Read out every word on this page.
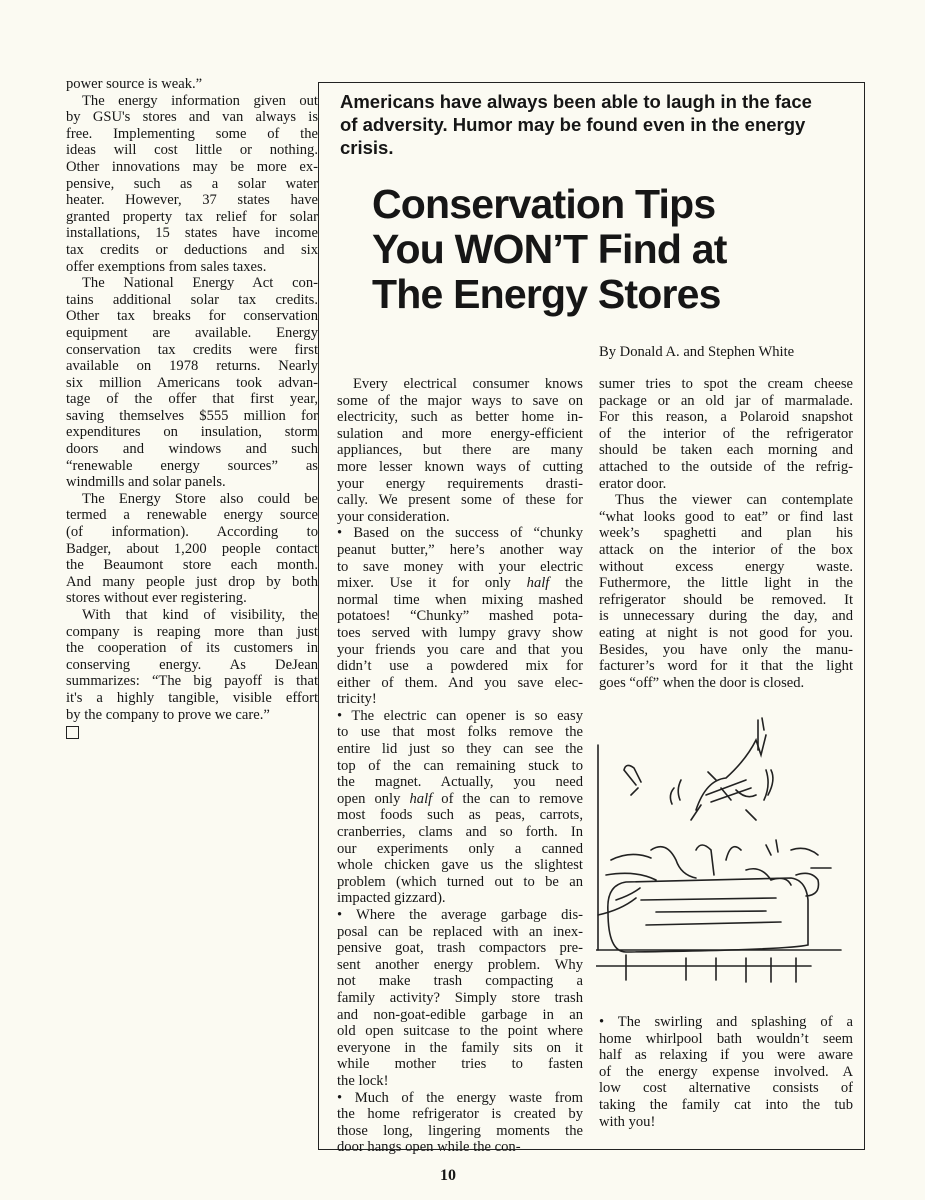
power source is weak.”
The energy information given out
by GSU's stores and van always is
free. Implementing some of the
ideas will cost little or nothing.
Other innovations may be more ex-
pensive, such as a solar water
heater. However, 37 states have
granted property tax relief for solar
installations, 15 states have income
tax credits or deductions and six
offer exemptions from sales taxes.
The National Energy Act con-
tains additional solar tax credits.
Other tax breaks for conservation
equipment are available. Energy
conservation tax credits were first
available on 1978 returns. Nearly
six million Americans took advan-
tage of the offer that first year,
saving themselves $555 million for
expenditures on insulation, storm
doors and windows and such
“renewable energy sources” as
windmills and solar panels.
The Energy Store also could be
termed a renewable energy source
(of information). According to
Badger, about 1,200 people contact
the Beaumont store each month.
And many people just drop by both
stores without ever registering.
With that kind of visibility, the
company is reaping more than just
the cooperation of its customers in
conserving energy. As DeJean
summarizes: “The big payoff is that
it's a highly tangible, visible effort
by the company to prove we care.”
Americans have always been able to laugh in the face of adversity. Humor may be found even in the energy crisis.
Conservation Tips
You WON’T Find at
The Energy Stores
By Donald A. and Stephen White
Every electrical consumer knows
some of the major ways to save on
electricity, such as better home in-
sulation and more energy-efficient
appliances, but there are many
more lesser known ways of cutting
your energy requirements drasti-
cally. We present some of these for
your consideration.
• Based on the success of “chunky
peanut butter,” here’s another way
to save money with your electric
mixer. Use it for only half the
normal time when mixing mashed
potatoes! “Chunky” mashed pota-
toes served with lumpy gravy show
your friends you care and that you
didn’t use a powdered mix for
either of them. And you save elec-
tricity!
• The electric can opener is so easy
to use that most folks remove the
entire lid just so they can see the
top of the can remaining stuck to
the magnet. Actually, you need
open only half of the can to remove
most foods such as peas, carrots,
cranberries, clams and so forth. In
our experiments only a canned
whole chicken gave us the slightest
problem (which turned out to be an
impacted gizzard).
• Where the average garbage dis-
posal can be replaced with an inex-
pensive goat, trash compactors pre-
sent another energy problem. Why
not make trash compacting a
family activity? Simply store trash
and non-goat-edible garbage in an
old open suitcase to the point where
everyone in the family sits on it
while mother tries to fasten
the lock!
• Much of the energy waste from
the home refrigerator is created by
those long, lingering moments the
door hangs open while the con-
sumer tries to spot the cream cheese
package or an old jar of marmalade.
For this reason, a Polaroid snapshot
of the interior of the refrigerator
should be taken each morning and
attached to the outside of the refrig-
erator door.
Thus the viewer can contemplate
“what looks good to eat” or find last
week’s spaghetti and plan his
attack on the interior of the box
without excess energy waste.
Futhermore, the little light in the
refrigerator should be removed. It
is unnecessary during the day, and
eating at night is not good for you.
Besides, you have only the manu-
facturer’s word for it that the light
goes “off” when the door is closed.
• The swirling and splashing of a
home whirlpool bath wouldn’t seem
half as relaxing if you were aware
of the energy expense involved. A
low cost alternative consists of
taking the family cat into the tub
with you!
10
